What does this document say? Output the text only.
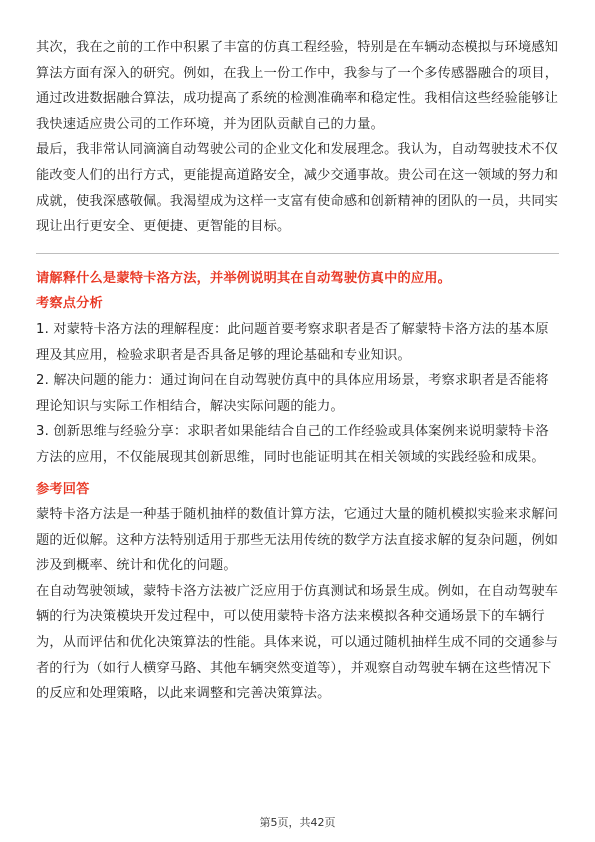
其次，我在之前的工作中积累了丰富的仿真工程经验，特别是在车辆动态模拟与环境感知算法方面有深入的研究。例如，在我上一份工作中，我参与了一个多传感器融合的项目，通过改进数据融合算法，成功提高了系统的检测准确率和稳定性。我相信这些经验能够让我快速适应贵公司的工作环境，并为团队贡献自己的力量。

最后，我非常认同滴滴自动驾驶公司的企业文化和发展理念。我认为，自动驾驶技术不仅能改变人们的出行方式，更能提高道路安全，减少交通事故。贵公司在这一领域的努力和成就，使我深感敬佩。我渴望成为这样一支富有使命感和创新精神的团队的一员，共同实现让出行更安全、更便捷、更智能的目标。

请解释什么是蒙特卡洛方法，并举例说明其在自动驾驶仿真中的应用。
考察点分析

1. 对蒙特卡洛方法的理解程度：此问题首要考察求职者是否了解蒙特卡洛方法的基本原理及其应用，检验求职者是否具备足够的理论基础和专业知识。

2. 解决问题的能力：通过询问在自动驾驶仿真中的具体应用场景，考察求职者是否能将理论知识与实际工作相结合，解决实际问题的能力。

3. 创新思维与经验分享：求职者如果能结合自己的工作经验或具体案例来说明蒙特卡洛方法的应用，不仅能展现其创新思维，同时也能证明其在相关领域的实践经验和成果。

参考回答

蒙特卡洛方法是一种基于随机抽样的数值计算方法，它通过大量的随机模拟实验来求解问题的近似解。这种方法特别适用于那些无法用传统的数学方法直接求解的复杂问题，例如涉及到概率、统计和优化的问题。

在自动驾驶领域，蒙特卡洛方法被广泛应用于仿真测试和场景生成。例如，在自动驾驶车辆的行为决策模块开发过程中，可以使用蒙特卡洛方法来模拟各种交通场景下的车辆行为，从而评估和优化决策算法的性能。具体来说，可以通过随机抽样生成不同的交通参与者的行为（如行人横穿马路、其他车辆突然变道等），并观察自动驾驶车辆在这些情况下的反应和处理策略，以此来调整和完善决策算法。

第5页，共42页
